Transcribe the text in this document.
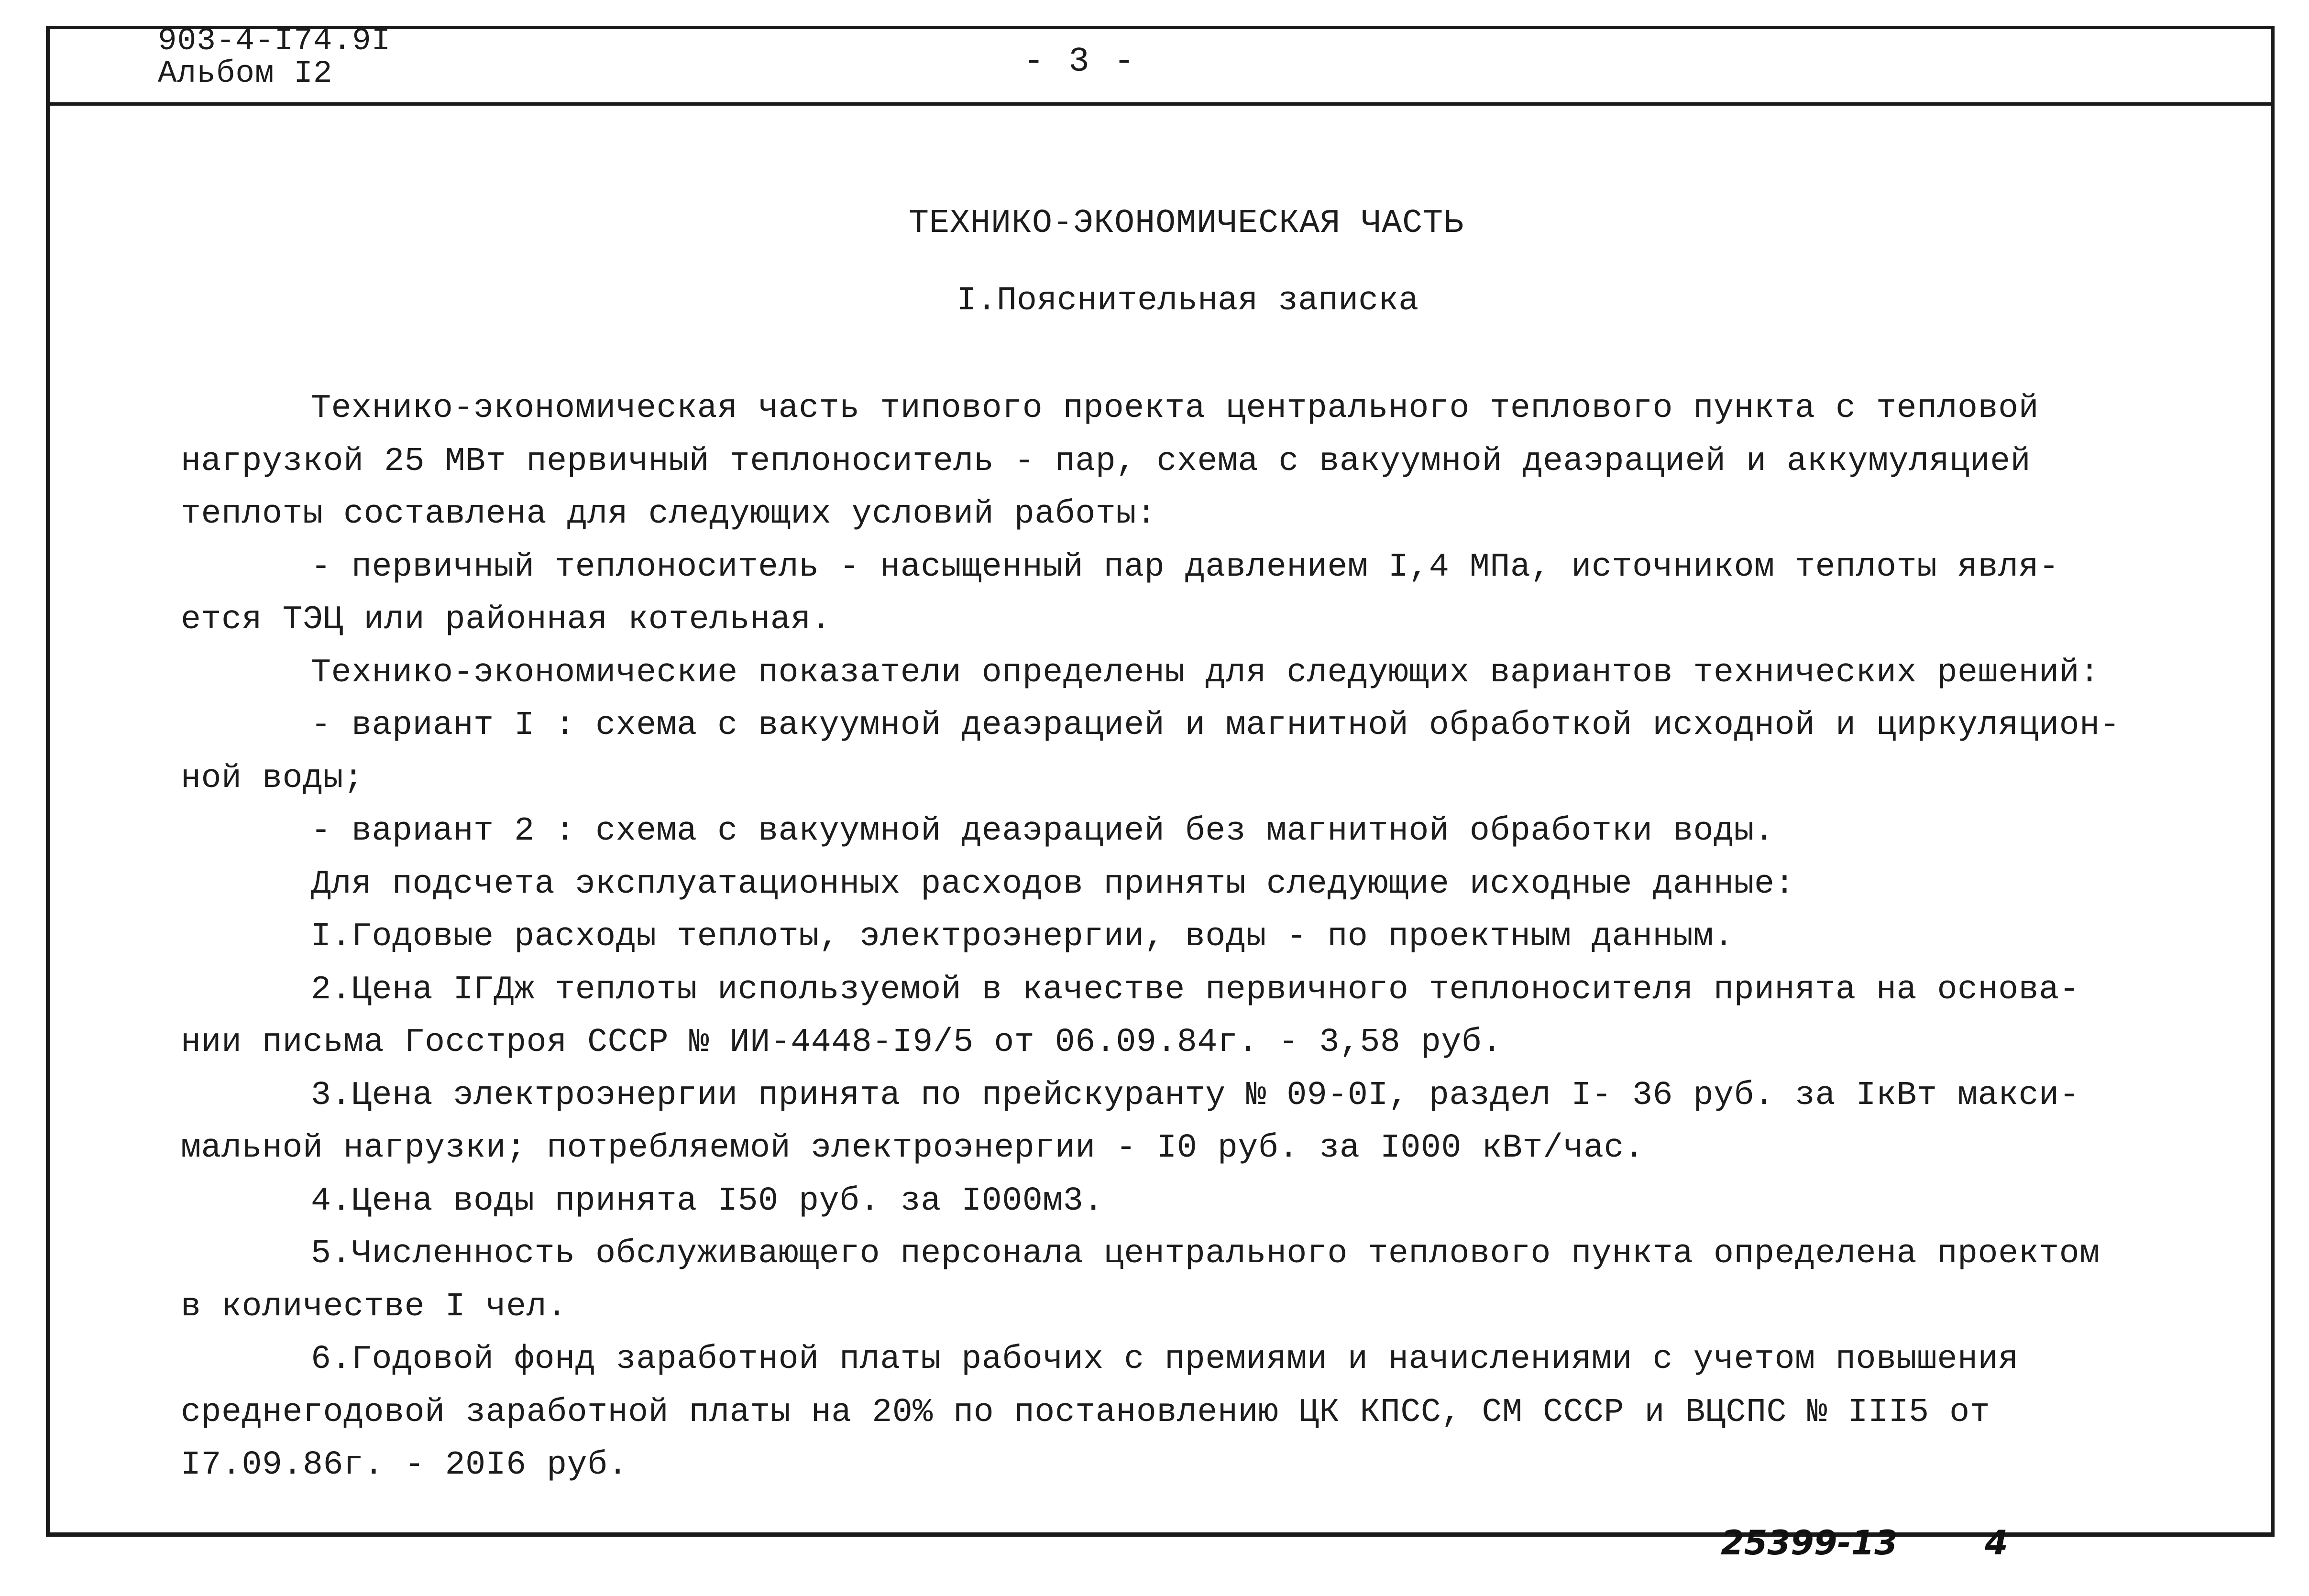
903-4-I74.9I
Альбом I2	- 3 -
ТЕХНИКО-ЭКОНОМИЧЕСКАЯ ЧАСТЬ
I.Пояснительная записка

Технико-экономическая часть типового проекта центрального теплового пункта с тепловой

нагрузкой 25 МВт первичный теплоноситель - пар, схема с вакуумной деаэрацией и аккумуляцией

теплоты составлена для следующих условий работы:

- первичный теплоноситель - насыщенный пар давлением I,4 МПа, источником теплоты явля-

ется ТЭЦ или районная котельная.

Технико-экономические показатели определены для следующих вариантов технических решений:

- вариант I : схема с вакуумной деаэрацией и магнитной обработкой исходной и циркуляцион-

ной воды;

- вариант 2 : схема с вакуумной деаэрацией без магнитной обработки воды.

Для подсчета эксплуатационных расходов приняты следующие исходные данные:

I.Годовые расходы теплоты, электроэнергии, воды - по проектным данным.

2.Цена IГДж теплоты используемой в качестве первичного теплоносителя принята на основа-

нии письма Госстроя СССР № ИИ-4448-I9/5 от 06.09.84г. - 3,58 руб.

3.Цена электроэнергии принята по прейскуранту № 09-0I, раздел I- 36 руб. за IкВт макси-

мальной нагрузки; потребляемой электроэнергии - I0 руб. за I000 кВт/час.

4.Цена воды принята I50 руб. за I000м3.

5.Численность обслуживающего персонала центрального теплового пункта определена проектом

в количестве I чел.

6.Годовой фонд заработной платы рабочих с премиями и начислениями с учетом повышения

среднегодовой заработной платы на 20% по постановлению ЦК КПСС, СМ СССР и ВЦСПС № III5 от

I7.09.86г. - 20I6 руб.

25399-13	4
